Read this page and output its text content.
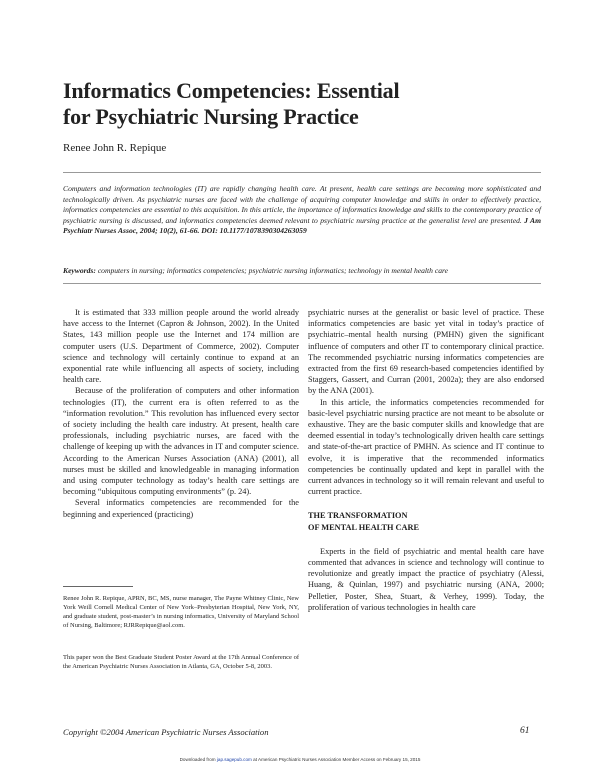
Informatics Competencies: Essential
for Psychiatric Nursing Practice
Renee John R. Repique
Computers and information technologies (IT) are rapidly changing health care. At present, health care settings are becoming more sophisticated and technologically driven. As psychiatric nurses are faced with the challenge of acquiring computer knowledge and skills in order to effectively practice, informatics competencies are essential to this acquisition. In this article, the importance of informatics knowledge and skills to the contemporary practice of psychiatric nursing is discussed, and informatics competencies deemed relevant to psychiatric nursing practice at the generalist level are presented. J Am Psychiatr Nurses Assoc, 2004; 10(2), 61-66. DOI: 10.1177/1078390304263059
Keywords: computers in nursing; informatics competencies; psychiatric nursing informatics; technology in mental health care

It is estimated that 333 million people around the world already have access to the Internet (Capron & Johnson, 2002). In the United States, 143 million people use the Internet and 174 million are computer users (U.S. Department of Commerce, 2002). Computer science and technology will certainly continue to expand at an exponential rate while influencing all aspects of society, including health care.

Because of the proliferation of computers and other information technologies (IT), the current era is often referred to as the “information revolution.” This revolution has influenced every sector of society including the health care industry. At present, health care professionals, including psychiatric nurses, are faced with the challenge of keeping up with the advances in IT and computer science. According to the American Nurses Association (ANA) (2001), all nurses must be skilled and knowledgeable in managing information and using computer technology as today’s health care settings are becoming “ubiquitous computing environments” (p. 24).

Several informatics competencies are recommended for the beginning and experienced (practicing)

psychiatric nurses at the generalist or basic level of practice. These informatics competencies are basic yet vital in today’s practice of psychiatric–mental health nursing (PMHN) given the significant influence of computers and other IT to contemporary clinical practice. The recommended psychiatric nursing informatics competencies are extracted from the first 69 research-based competencies identified by Staggers, Gassert, and Curran (2001, 2002a); they are also endorsed by the ANA (2001).

In this article, the informatics competencies recommended for basic-level psychiatric nursing practice are not meant to be absolute or exhaustive. They are the basic computer skills and knowledge that are deemed essential in today’s technologically driven health care settings and state-of-the-art practice of PMHN. As science and IT continue to evolve, it is imperative that the recommended informatics competencies be continually updated and kept in parallel with the current advances in technology so it will remain relevant and useful to current practice.

THE TRANSFORMATION
OF MENTAL HEALTH CARE

Experts in the field of psychiatric and mental health care have commented that advances in science and technology will continue to revolutionize and greatly impact the practice of psychiatry (Alessi, Huang, & Quinlan, 1997) and psychiatric nursing (ANA, 2000; Pelletier, Poster, Shea, Stuart, & Verhey, 1999). Today, the proliferation of various technologies in health care

Renee John R. Repique, APRN, BC, MS, nurse manager, The Payne Whitney Clinic, New York Weill Cornell Medical Center of New York–Presbyterian Hospital, New York, NY, and graduate student, post-master’s in nursing informatics, University of Maryland School of Nursing, Baltimore; RJRRepique@aol.com.
This paper won the Best Graduate Student Poster Award at the 17th Annual Conference of the American Psychiatric Nurses Association in Atlanta, GA, October 5-8, 2003.
Copyright ©2004 American Psychiatric Nurses Association	61
Downloaded from jap.sagepub.com at American Psychiatric Nurses Association Member Access on February 15, 2015
